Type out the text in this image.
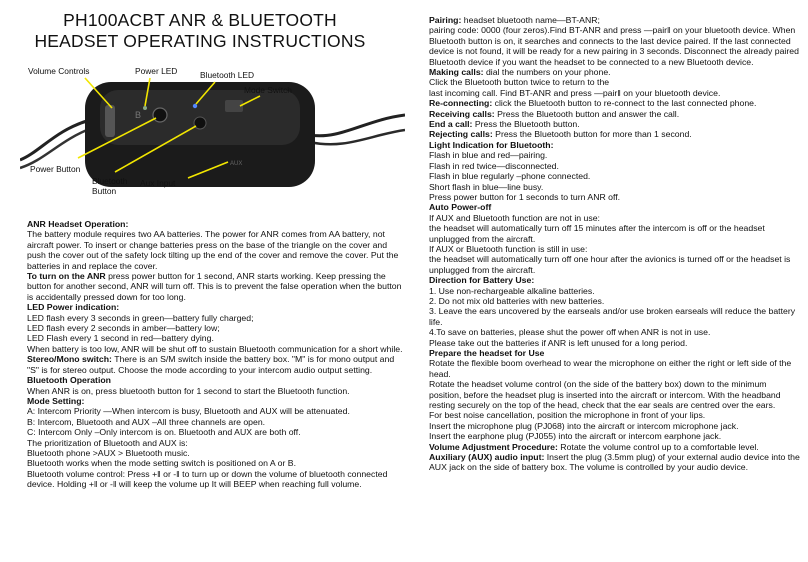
PH100ACBT ANR & BLUETOOTH
HEADSET OPERATING INSTRUCTIONS
B
AUX
Volume Controls	Power LED	Bluetooth LED
Mode Switch
Power Button
Bluetooth
Button
Aux Input

ANR Headset Operation:

The battery module requires two AA batteries. The power for ANR comes from AA battery, not aircraft power. To insert or change batteries press on the base of the triangle on the cover and push the cover out of the safety lock tilting up the end of the cover and remove the cover. Put the batteries in and replace the cover.

To turn on the ANR press power button for 1 second, ANR starts working. Keep pressing the button for another second, ANR will turn off. This is to prevent the false operation when the button is accidentally pressed down for too long.

LED Power indication:

LED flash every 3 seconds in green—battery fully charged;

LED flash every 2 seconds in amber—battery low;

LED Flash every 1 second in red—battery dying.

When battery is too low, ANR will be shut off to sustain Bluetooth communication for a short while.

Stereo/Mono switch: There is an S/M switch inside the battery box. "M" is for mono output and "S" is for stereo output. Choose the mode according to your intercom audio output setting.

Bluetooth Operation

When ANR is on, press bluetooth button for 1 second to start the Bluetooth function.

Mode Setting:

A: Intercom Priority —When intercom is busy, Bluetooth and AUX will be attenuated.

B: Intercom, Bluetooth and AUX –All three channels are open.

C: Intercom Only –Only intercom is on. Bluetooth and AUX are both off.

The prioritization of Bluetooth and AUX is:

Bluetooth phone >AUX > Bluetooth music.

Bluetooth works when the mode setting switch is positioned on A or B.

Bluetooth volume control: Press +‖ or -‖ to turn up or down the volume of bluetooth connected device. Holding +‖ or -‖ will keep the volume up It will BEEP when reaching full volume.

Pairing: headset bluetooth name—BT-ANR;

pairing code: 0000 (four zeros).Find BT-ANR and press —pair‖ on your bluetooth device. When Bluetooth button is on, it searches and connects to the last device paired. If the last connected device is not found, it will be ready for a new pairing in 3 seconds. Disconnect the already paired Bluetooth device if you want the headset to be connected to a new Bluetooth device.

Making calls: dial the numbers on your phone.

Click the Bluetooth button twice to return to the

last incoming call. Find BT-ANR and press —pair‖ on your bluetooth device.

Re-connecting: click the Bluetooth button to re-connect to the last connected phone.

Receiving calls: Press the Bluetooth button and answer the call.

End a call: Press the Bluetooth button.

Rejecting calls: Press the Bluetooth button for more than 1 second.

Light Indication for Bluetooth:

Flash in blue and red—pairing.

Flash in red twice—disconnected.

Flash in blue regularly –phone connected.

Short flash in blue—line busy.

Press power button for 1 seconds to turn ANR off.

Auto Power-off

If AUX and Bluetooth function are not in use:

the headset will automatically turn off 15 minutes after the intercom is off or the headset unplugged from the aircraft.

If AUX or Bluetooth function is still in use:

the headset will automatically turn off one hour after the avionics is turned off or the headset is unplugged from the aircraft.

Direction for Battery Use:

1. Use non-rechargeable alkaline batteries.

2. Do not mix old batteries with new batteries.

3. Leave the ears uncovered by the earseals and/or use broken earseals will reduce the battery life.

4.To save on batteries, please shut the power off when ANR is not in use.

Please take out the batteries if ANR is left unused for a long period.

Prepare the headset for Use

Rotate the flexible boom overhead to wear the microphone on either the right or left side of the head.

Rotate the headset volume control (on the side of the battery box) down to the minimum position, before the headset plug is inserted into the aircraft or intercom. With the headband resting securely on the top of the head, check that the ear seals are centred over the ears.

For best noise cancellation, position the microphone in front of your lips.

Insert the microphone plug (PJ068) into the aircraft or intercom microphone jack.

Insert the earphone plug (PJ055) into the aircraft or intercom earphone jack.

Volume Adjustment Procedure: Rotate the volume control up to a comfortable level.

Auxiliary (AUX) audio input: Insert the plug (3.5mm plug) of your external audio device into the AUX jack on the side of battery box. The volume is controlled by your audio device.
